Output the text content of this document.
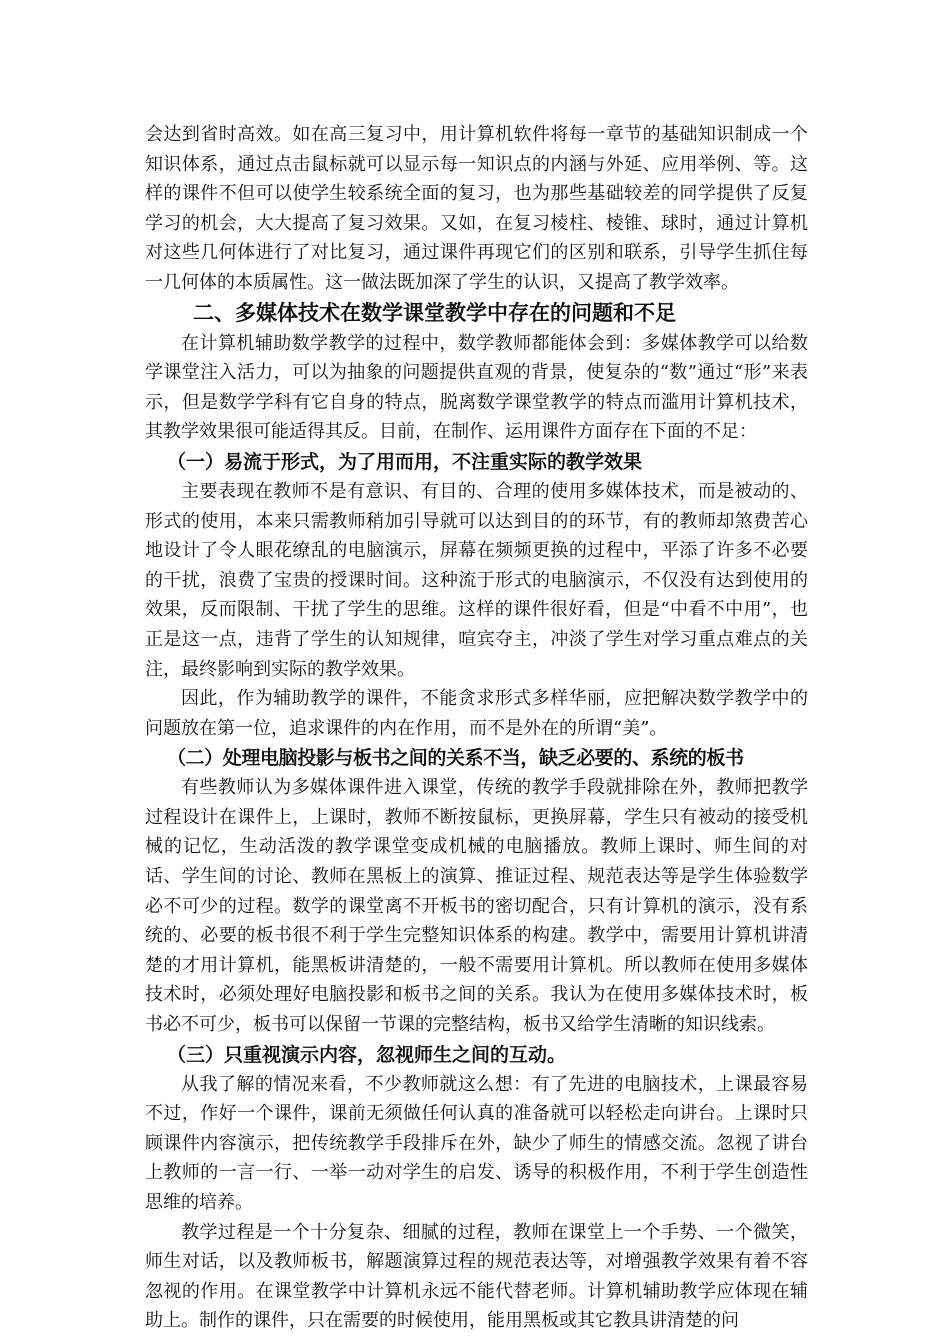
会达到省时高效。如在高三复习中，用计算机软件将每一章节的基础知识制成一个知识体系，通过点击鼠标就可以显示每一知识点的内涵与外延、应用举例、等。这样的课件不但可以使学生较系统全面的复习，也为那些基础较差的同学提供了反复学习的机会，大大提高了复习效果。又如，在复习棱柱、棱锥、球时，通过计算机对这些几何体进行了对比复习，通过课件再现它们的区别和联系，引导学生抓住每一几何体的本质属性。这一做法既加深了学生的认识，又提高了教学效率。

二、多媒体技术在数学课堂教学中存在的问题和不足

在计算机辅助数学教学的过程中，数学教师都能体会到：多媒体教学可以给数学课堂注入活力，可以为抽象的问题提供直观的背景，使复杂的“数”通过“形”来表示，但是数学学科有它自身的特点，脱离数学课堂教学的特点而滥用计算机技术，其教学效果很可能适得其反。目前，在制作、运用课件方面存在下面的不足：

（一）易流于形式，为了用而用，不注重实际的教学效果

主要表现在教师不是有意识、有目的、合理的使用多媒体技术，而是被动的、形式的使用，本来只需教师稍加引导就可以达到目的的环节，有的教师却煞费苦心地设计了令人眼花缭乱的电脑演示，屏幕在频频更换的过程中，平添了许多不必要的干扰，浪费了宝贵的授课时间。这种流于形式的电脑演示，不仅没有达到使用的效果，反而限制、干扰了学生的思维。这样的课件很好看，但是“中看不中用”，也正是这一点，违背了学生的认知规律，喧宾夺主，冲淡了学生对学习重点难点的关注，最终影响到实际的教学效果。

因此，作为辅助教学的课件，不能贪求形式多样华丽，应把解决数学教学中的问题放在第一位，追求课件的内在作用，而不是外在的所谓“美”。

（二）处理电脑投影与板书之间的关系不当，缺乏必要的、系统的板书

有些教师认为多媒体课件进入课堂，传统的教学手段就排除在外，教师把教学过程设计在课件上，上课时，教师不断按鼠标，更换屏幕，学生只有被动的接受机械的记忆，生动活泼的教学课堂变成机械的电脑播放。教师上课时、师生间的对话、学生间的讨论、教师在黑板上的演算、推证过程、规范表达等是学生体验数学必不可少的过程。数学的课堂离不开板书的密切配合，只有计算机的演示，没有系统的、必要的板书很不利于学生完整知识体系的构建。教学中，需要用计算机讲清楚的才用计算机，能黑板讲清楚的，一般不需要用计算机。所以教师在使用多媒体技术时，必须处理好电脑投影和板书之间的关系。我认为在使用多媒体技术时，板书必不可少，板书可以保留一节课的完整结构，板书又给学生清晰的知识线索。

（三）只重视演示内容，忽视师生之间的互动。

从我了解的情况来看，不少教师就这么想：有了先进的电脑技术，上课最容易不过，作好一个课件，课前无须做任何认真的准备就可以轻松走向讲台。上课时只顾课件内容演示，把传统教学手段排斥在外，缺少了师生的情感交流。忽视了讲台上教师的一言一行、一举一动对学生的启发、诱导的积极作用，不利于学生创造性思维的培养。

教学过程是一个十分复杂、细腻的过程，教师在课堂上一个手势、一个微笑，师生对话，以及教师板书，解题演算过程的规范表达等，对增强教学效果有着不容忽视的作用。在课堂教学中计算机永远不能代替老师。计算机辅助教学应体现在辅助上。制作的课件，只在需要的时候使用，能用黑板或其它教具讲清楚的问
